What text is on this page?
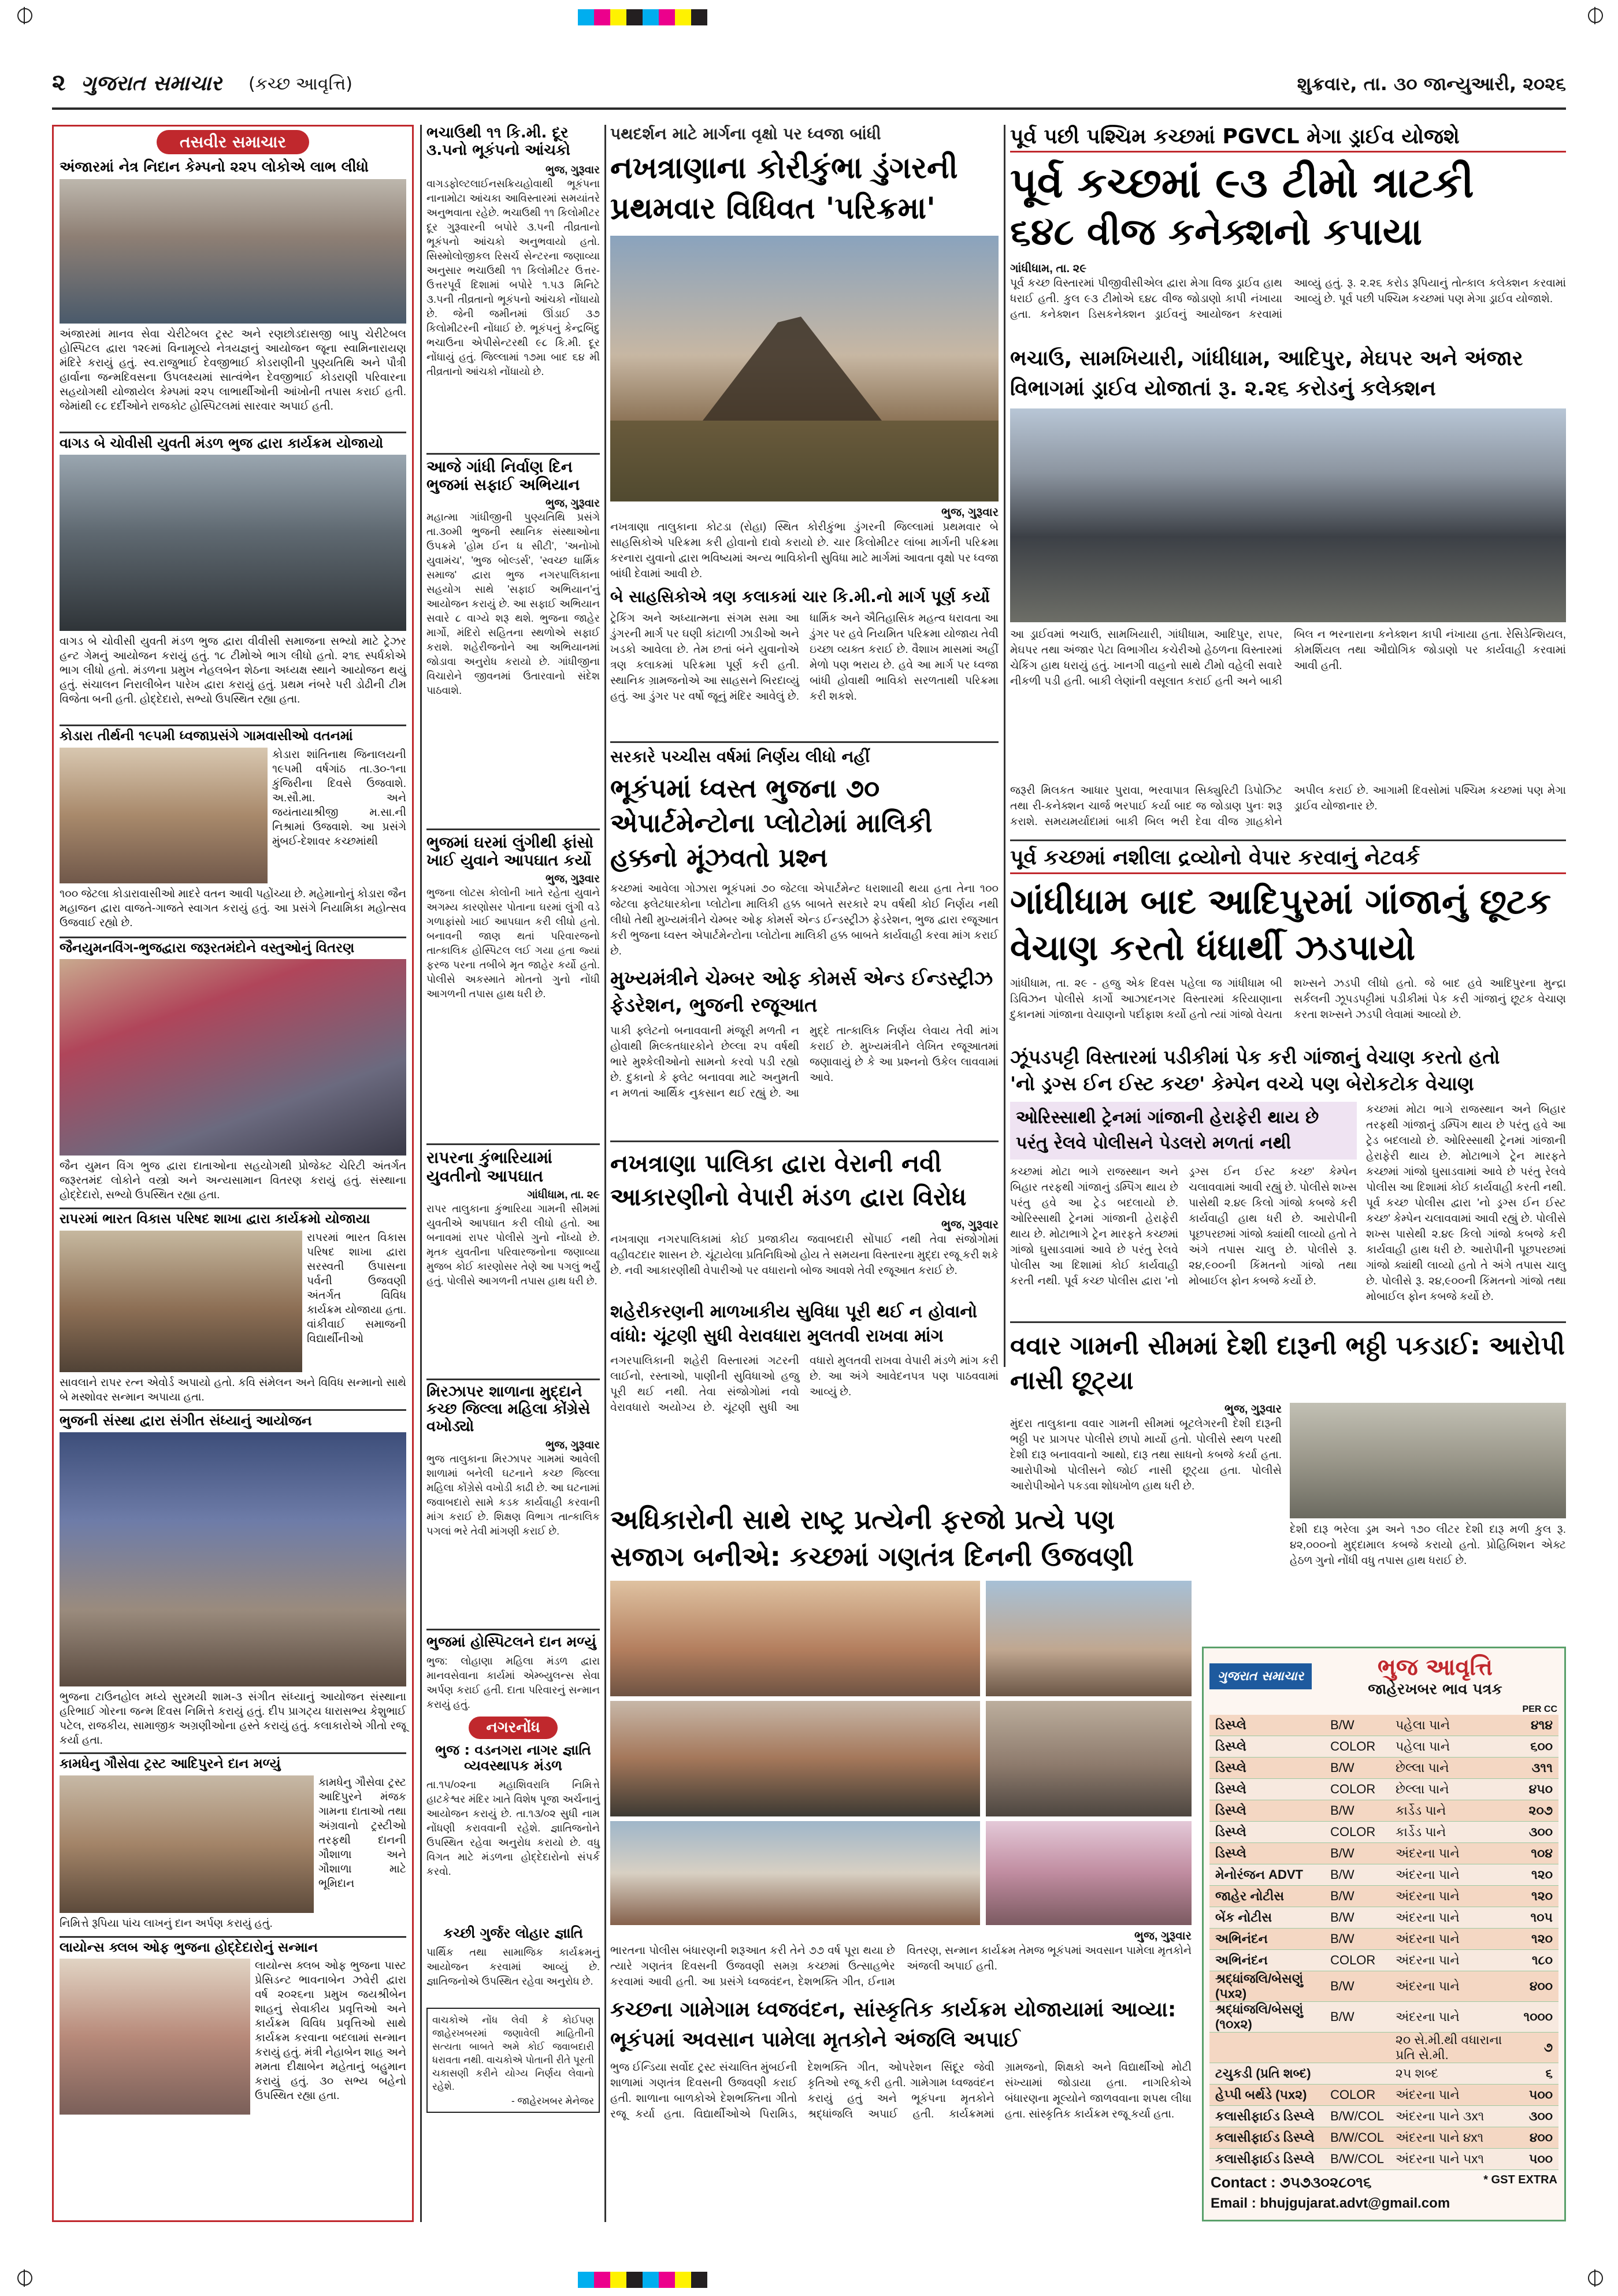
૨ ગુજરાત સમાચાર (કચ્છ આવૃત્તિ)	શુક્રવાર, તા. ૩૦ જાન્યુઆરી, ૨૦૨૬
તસવીર સમાચાર
અંજારમાં નેત્ર નિદાન કેમ્પનો ૨૨૫ લોકોએ લાભ લીધો
અંજારમાં માનવ સેવા ચેરીટેબલ ટ્રસ્ટ અને રણછોડદાસજી બાપુ ચેરીટેબલ હોસ્પિટલ દ્વારા ૧૨૯માં વિનામૂલ્યે નેત્રયજ્ઞનું આયોજન જૂના સ્વામિનારાયણ મંદિરે કરાયું હતું. સ્વ.રાજુભાઈ દેવજીભાઈ કોડરાણીની પુણ્યતિથિ અને પૌત્રી હાર્વાના જન્મદિવસના ઉપલક્ષ્યમાં સાત્વંભેન દેવજીભાઈ કોડરાણી પરિવારના સહયોગથી યોજાયેલ કેમ્પમાં ૨૨૫ લાભાર્થીઓની આંખોની તપાસ કરાઈ હતી. જેમાંથી ૯૮ દર્દીઓને રાજકોટ હોસ્પિટલમાં સારવાર અપાઈ હતી.
વાગડ બે ચોવીસી યુવતી મંડળ ભુજ દ્વારા કાર્યક્રમ યોજાયો
વાગડ બે ચોવીસી યુવતી મંડળ ભુજ દ્વારા વીવીસી સમાજના સભ્યો માટે ટ્રેઝર હન્ટ ગેમનું આયોજન કરાયું હતું. ૧૮ ટીમોએ ભાગ લીધો હતો. ૨૧૬ સ્પર્ધકોએ ભાગ લીધો હતો. મંડળના પ્રમુખ નેહલબેન શેઠના અધ્યક્ષ સ્થાને આયોજન થયું હતું. સંચાલન નિરાલીબેન પારેખ દ્વારા કરાયું હતું. પ્રથમ નંબરે પરી ડોઢીની ટીમ વિજેતા બની હતી. હોદ્દેદારો, સભ્યો ઉપસ્થિત રહ્યા હતા.
કોડારા તીર્થની ૧૯૫મી ધ્વજાપ્રસંગે ગામવાસીઓ વતનમાં
કોડારા શાંતિનાથ જિનાલયની ૧૯૫મી વર્ષગાંઠ તા.૩૦-૧ના કુંજિરીના દિવસે ઉજવાશે. અ.સૌ.મા. અને જયંતાયાશ્રીજી મ.સા.ની નિશ્રામાં ઉજવાશે. આ પ્રસંગે મુંબઈ-દેશાવર કચ્છમાંથી
૧૦૦ જેટલા કોડારાવાસીઓ માદરે વતન આવી પહોંચ્યા છે. મહેમાનોનું કોડારા જૈન મહાજન દ્વારા વાજતે-ગાજતે સ્વાગત કરાયું હતું. આ પ્રસંગે નિયામિકા મહોત્સવ ઉજવાઈ રહ્યો છે.
જૈનયુમનવિંગ-ભુજદ્વારા જરૂરતમંદોને વસ્તુઓનું વિતરણ
જૈન યુમન વિંગ ભુજ દ્વારા દાતાઓના સહયોગથી પ્રોજેક્ટ ચેરિટી અંતર્ગત જરૂરતમંદ લોકોને વસ્ત્રો અને અન્યસામાન વિતરણ કરાયું હતું. સંસ્થાના હોદ્દેદારો, સભ્યો ઉપસ્થિત રહ્યા હતા.
રાપરમાં ભારત વિકાસ પરિષદ શાખા દ્વારા કાર્યક્રમો યોજાયા
રાપરમાં ભારત વિકાસ પરિષદ શાખા દ્વારા સરસ્વતી ઉપાસના પર્વની ઉજવણી અંતર્ગત વિવિધ કાર્યક્રમ યોજાયા હતા. વાંકીવાઈ સમાજની વિદ્યાર્થીનીઓ
સાવલાને રાપર રત્ન એવોર્ડ અપાયો હતો. કવિ સંમેલન અને વિવિધ સન્માનો સાથે બે મસ્શોવર સન્માન અપાયા હતા.
ભુજની સંસ્થા દ્વારા સંગીત સંધ્યાનું આયોજન
ભુજના ટાઉનહોલ મધ્યે સુરમયી શામ-૩ સંગીત સંધ્યાનું આયોજન સંસ્થાના હરિભાઈ ગોરના જન્મ દિવસ નિમિત્તે કરાયું હતું. દીપ પ્રાગટ્ય ધારાસભ્ય કેશુભાઈ પટેલ, રાજકીય, સામાજીક અગ્રણીઓના હસ્તે કરાયું હતું. કલાકારોએ ગીતો રજૂ કર્યા હતા.
કામધેનુ ગૌસેવા ટ્રસ્ટ આદિપુરને દાન મળ્યું
કામધેનુ ગૌસેવા ટ્રસ્ટ આદિપુરને મંજક ગામના દાતાઓ તથા અંગ્રવાનો ટ્રસ્ટીઓ તરફથી દાનની ગૌશાળા અને ગૌશાળા માટે ભૂમિદાન
નિમિત્તે રૂપિયા પાંચ લાખનું દાન અર્પણ કરાયું હતું.
લાયોન્સ ક્લબ ઓફ ભુજના હોદ્દેદારોનું સન્માન
લાયોન્સ ક્લબ ઓફ ભુજના પાસ્ટ પ્રેસિડન્ટ ભાવનાબેન ઝવેરી દ્વારા વર્ષ ૨૦૨૬ના પ્રમુખ જયશ્રીબેન શાહનું સેવાકીય પ્રવૃત્તિઓ અને કાર્યક્રમ વિવિધ પ્રવૃત્તિઓ સાથે કાર્યક્રમ કરવાના બદલામાં સન્માન કરાયું હતું. મંત્રી નેહાબેન શાહ અને મમતા દીક્ષાબેન મહેતાનું બહુમાન કરાયું હતું. ૩૦ સભ્ય બહેનો ઉપસ્થિત રહ્યા હતા.
ભચાઉથી ૧૧ કિ.મી. દૂર ૩.૫નો ભૂકંપનો આંચકો
ભુજ, ગુરૂવાર
વાગડફોલ્ટલાઈનસક્રિયહોવાથી ભૂકંપના નાનામોટા આંચકા આવિસ્તારમાં સમયાંતરે અનુભવાતા રહેછે. ભચાઉથી ૧૧ કિલોમીટર દૂર ગુરૂવારની બપોરે ૩.૫ની તીવ્રતાનો ભૂકંપનો આંચકો અનુભવાયો હતો. સિસ્મોલોજીકલ રિસર્ચ સેન્ટરના જણાવ્યા અનુસાર ભચાઉથી ૧૧ કિલોમીટર ઉત્તર-ઉત્તરપૂર્વ દિશામાં બપોરે ૧.૫૩ મિનિટે ૩.૫ની તીવ્રતાનો ભૂકંપનો આંચકો નોંધાયો છે. જેની જમીનમાં ઊંડાઈ ૩૭ કિલોમીટરની નોંધાઈ છે. ભૂકંપનું કેન્દ્રબિંદુ ભચાઉના એપીસેન્ટરથી ૯૮ કિ.મી. દૂર નોંધાયું હતું. જિલ્લામાં ૧૭મા બાદ ૬૪ મી તીવ્રતાનો આંચકો નોંધાયો છે.
આજે ગાંધી નિર્વાણ દિન ભુજમાં સફાઈ અભિયાન
ભુજ, ગુરૂવાર
મહાત્મા ગાંધીજીની પુણ્યતિથિ પ્રસંગે તા.૩૦મી ભુજની સ્થાનિક સંસ્થાઓના ઉપક્રમે 'હોમ ઈન ધ સીટી', 'અનોખો યુવામંચ', 'ભુજ બોલ્ડર્સ', 'સ્વચ્છ ધાર્મિક સમાજ' દ્વારા ભુજ નગરપાલિકાના સહયોગ સાથે 'સફાઈ અભિયાન'નું આયોજન કરાયું છે. આ સફાઈ અભિયાન સવારે ૮ વાગ્યે શરૂ થશે. ભુજના જાહેર માર્ગો, મંદિરો સહિતના સ્થળોએ સફાઈ કરાશે. શહેરીજનોને આ અભિયાનમાં જોડાવા અનુરોધ કરાયો છે. ગાંધીજીના વિચારોને જીવનમાં ઉતારવાનો સંદેશ પાઠવાશે.
ભુજમાં ઘરમાં લુંગીથી ફાંસો ખાઈ યુવાને આપઘાત કર્યો
ભુજ, ગુરૂવાર
ભુજના લોટસ કોલોની ખાતે રહેતા યુવાને અગમ્ય કારણોસર પોતાના ઘરમાં લુંગી વડે ગળાફાંસો ખાઈ આપઘાત કરી લીધો હતો. બનાવની જાણ થતાં પરિવારજનો તાત્કાલિક હોસ્પિટલ લઈ ગયા હતા જ્યાં ફરજ પરના તબીબે મૃત જાહેર કર્યો હતો. પોલીસે અકસ્માતે મોતનો ગુનો નોંધી આગળની તપાસ હાથ ધરી છે.
રાપરના કુંભારિયામાં યુવતીનો આપઘાત
ગાંધીધામ, તા. ૨૯
રાપર તાલુકાના કુંભારિયા ગામની સીમમાં યુવતીએ આપઘાત કરી લીધો હતો. આ બનાવમાં રાપર પોલીસે ગુનો નોંધ્યો છે. મૃતક યુવતીના પરિવારજનોના જણાવ્યા મુજબ કોઈ કારણોસર તેણે આ પગલું ભર્યું હતું. પોલીસે આગળની તપાસ હાથ ધરી છે.
મિરઝાપર શાળાના મુદ્દાને કચ્છ જિલ્લા મહિલા કોંગ્રેસે વખોડ્યો
ભુજ, ગુરૂવાર
ભુજ તાલુકાના મિરઝાપર ગામમાં આવેલી શાળામાં બનેલી ઘટનાને કચ્છ જિલ્લા મહિલા કોંગ્રેસે વખોડી કાઢી છે. આ ઘટનામાં જવાબદારો સામે કડક કાર્યવાહી કરવાની માંગ કરાઈ છે. શિક્ષણ વિભાગ તાત્કાલિક પગલાં ભરે તેવી માંગણી કરાઈ છે.
ભુજમાં હોસ્પિટલને દાન મળ્યું
ભુજ: લોહાણા મહિલા મંડળ દ્વારા માનવસેવાના કાર્યમાં એમ્બ્યુલન્સ સેવા અર્પણ કરાઈ હતી. દાતા પરિવારનું સન્માન કરાયું હતું.
નગરનોંધ
ભુજ : વડનગરા નાગર જ્ઞાતિ વ્યવસ્થાપક મંડળ
તા.૧૫/૦૨ના મહાશિવરાત્રિ નિમિત્તે હાટકેશ્વર મંદિર ખાતે વિશેષ પૂજા અર્ચનાનું આયોજન કરાયું છે. તા.૧૩/૦૨ સુધી નામ નોંધણી કરાવવાની રહેશે. જ્ઞાતિજનોને ઉપસ્થિત રહેવા અનુરોધ કરાયો છે. વધુ વિગત માટે મંડળના હોદ્દેદારોનો સંપર્ક કરવો.
કચ્છી ગુર્જર લોહાર જ્ઞાતિ
પાર્થિક તથા સામાજિક કાર્યક્રમનું આયોજન કરવામાં આવ્યું છે. જ્ઞાતિજનોએ ઉપસ્થિત રહેવા અનુરોધ છે.
વાચકોએ નોંધ લેવી કે કોઈપણ જાહેરખબરમાં જણાવેલી માહિતીની સત્યતા બાબતે અમે કોઈ જવાબદારી ધરાવતા નથી. વાચકોએ પોતાની રીતે પૂરતી ચકાસણી કરીને યોગ્ય નિર્ણય લેવાનો રહેશે.
- જાહેરખબર મેનેજર
પથદર્શન માટે માર્ગના વૃક્ષો પર ધ્વજા બાંધી
નખત્રાણાના કોરીકુંભા ડુંગરની પ્રથમવાર વિધિવત 'પરિક્રમા'
ભુજ, ગુરૂવાર
નખત્રાણા તાલુકાના કોટડા (રોહા) સ્થિત કોરીકુંભા ડુંગરની જિલ્લામાં પ્રથમવાર બે સાહસિકોએ પરિક્રમા કરી હોવાનો દાવો કરાયો છે. ચાર કિલોમીટર લાંબા માર્ગની પરિક્રમા કરનારા યુવાનો દ્વારા ભવિષ્યમાં અન્ય ભાવિકોની સુવિધા માટે માર્ગમાં આવતા વૃક્ષો પર ધ્વજા બાંધી દેવામાં આવી છે.
બે સાહસિકોએ ત્રણ કલાકમાં ચાર કિ.મી.નો માર્ગ પૂર્ણ કર્યો
ટ્રેકિંગ અને અધ્યાત્મના સંગમ સમા આ ડુંગરની માર્ગ પર ઘણી કાંટાળી ઝાડીઓ અને ખડકો આવેલા છે. તેમ છતાં બંને યુવાનોએ ત્રણ કલાકમાં પરિક્રમા પૂર્ણ કરી હતી. સ્થાનિક ગ્રામજનોએ આ સાહસને બિરદાવ્યું હતું. આ ડુંગર પર વર્ષો જૂનું મંદિર આવેલું છે. ધાર્મિક અને ઐતિહાસિક મહત્વ ધરાવતા આ ડુંગર પર હવે નિયમિત પરિક્રમા યોજાય તેવી ઇચ્છા વ્યક્ત કરાઈ છે. વૈશાખ માસમાં અહીં મેળો પણ ભરાય છે. હવે આ માર્ગ પર ધ્વજા બાંધી હોવાથી ભાવિકો સરળતાથી પરિક્રમા કરી શકશે.
સરકારે પચ્ચીસ વર્ષમાં નિર્ણય લીધો નહીં
ભૂકંપમાં ધ્વસ્ત ભુજના ૭૦ એપાર્ટમેન્ટોના પ્લોટોમાં માલિકી હક્કનો મૂંઝવતો પ્રશ્ન
કચ્છમાં આવેલા ગોઝારા ભૂકંપમાં ૭૦ જેટલા એપાર્ટમેન્ટ ધરાશાયી થયા હતા તેના ૧૦૦ જેટલા ફ્લેટધારકોના પ્લોટોના માલિકી હક્ક બાબતે સરકારે ૨૫ વર્ષથી કોઈ નિર્ણય નથી લીધો તેથી મુખ્યમંત્રીને ચેમ્બર ઓફ કોમર્સ એન્ડ ઈન્ડસ્ટ્રીઝ ફેડરેશન, ભુજ દ્વારા રજૂઆત કરી ભુજના ધ્વસ્ત એપાર્ટમેન્ટોના પ્લોટોના માલિકી હક્ક બાબતે કાર્યવાહી કરવા માંગ કરાઈ છે.
મુખ્યમંત્રીને ચેમ્બર ઓફ કોમર્સ એન્ડ ઈન્ડસ્ટ્રીઝ ફેડરેશન, ભુજની રજૂઆત
પાકી ફ્લેટનો બનાવવાની મંજૂરી મળતી ન હોવાથી મિલ્કતધારકોને છેલ્લા ૨૫ વર્ષથી ભારે મુશ્કેલીઓનો સામનો કરવો પડી રહ્યો છે. દુકાનો કે ફ્લેટ બનાવવા માટે અનુમતી ન મળતાં આર્થિક નુકસાન થઈ રહ્યું છે. આ મુદ્દે તાત્કાલિક નિર્ણય લેવાય તેવી માંગ કરાઈ છે. મુખ્યમંત્રીને લેખિત રજૂઆતમાં જણાવાયું છે કે આ પ્રશ્નનો ઉકેલ લાવવામાં આવે.
નખત્રાણા પાલિકા દ્વારા વેરાની નવી આકારણીનો વેપારી મંડળ દ્વારા વિરોધ
ભુજ, ગુરૂવાર
નખત્રાણા નગરપાલિકામાં કોઈ પ્રજાકીય જવાબદારી સોંપાઈ નથી તેવા સંજોગોમાં વહીવટદાર શાસન છે. ચૂંટાયેલા પ્રતિનિધિઓ હોય તે સમયના વિસ્તારના મુદ્દા રજૂ કરી શકે છે. નવી આકારણીથી વેપારીઓ પર વધારાનો બોજ આવશે તેવી રજૂઆત કરાઈ છે.
શહેરીકરણની માળખાકીય સુવિધા પૂરી થઈ ન હોવાનો વાંધો: ચૂંટણી સુધી વેરાવધારા મુલતવી રાખવા માંગ
નગરપાલિકાની શહેરી વિસ્તારમાં ગટરની લાઈનો, રસ્તાઓ, પાણીની સુવિધાઓ હજુ પૂરી થઈ નથી. તેવા સંજોગોમાં નવો વેરાવધારો અયોગ્ય છે. ચૂંટણી સુધી આ વધારો મુલતવી રાખવા વેપારી મંડળે માંગ કરી છે. આ અંગે આવેદનપત્ર પણ પાઠવવામાં આવ્યું છે.
પૂર્વ પછી પશ્ચિમ કચ્છમાં PGVCL મેગા ડ્રાઈવ યોજશે
પૂર્વ કચ્છમાં ૯૩ ટીમો ત્રાટકી
૬૪૮ વીજ કનેક્શનો કપાયા
ગાંધીધામ, તા. ૨૯
પૂર્વ કચ્છ વિસ્તારમાં પીજીવીસીએલ દ્વારા મેગા વિજ ડ્રાઈવ હાથ ધરાઈ હતી. કુલ ૯૩ ટીમોએ ૬૪૮ વીજ જોડાણો કાપી નંખાયા હતા. કનેક્શન ડિસકનેક્શન ડ્રાઈવનું આયોજન કરવામાં આવ્યું હતું. રૂ. ૨.૨૬ કરોડ રૂપિયાનું તોત્કાલ કલેક્શન કરવામાં આવ્યું છે. પૂર્વ પછી પશ્ચિમ કચ્છમાં પણ મેગા ડ્રાઈવ યોજાશે.
ભચાઉ, સામખિયારી, ગાંધીધામ, આદિપુર, મેઘપર અને અંજાર વિભાગમાં ડ્રાઈવ યોજાતાં રૂ. ૨.૨૬ કરોડનું કલેક્શન
આ ડ્રાઈવમાં ભચાઉ, સામખિયારી, ગાંધીધામ, આદિપુર, રાપર, મેઘપર તથા અંજાર પેટા વિભાગીય કચેરીઓ હેઠળના વિસ્તારમાં ચેકિંગ હાથ ધરાયું હતું. ખાનગી વાહનો સાથે ટીમો વહેલી સવારે નીકળી પડી હતી. બાકી લેણાંની વસૂલાત કરાઈ હતી અને બાકી બિલ ન ભરનારાના કનેક્શન કાપી નંખાયા હતા. રેસિડેન્શિયલ, કોમર્શિયલ તથા ઔદ્યોગિક જોડાણો પર કાર્યવાહી કરવામાં આવી હતી.
જરૂરી મિલકત આધાર પુરાવા, ભરવાપાત્ર સિક્યુરિટી ડિપોઝિટ તથા રી-કનેક્શન ચાર્જ ભરપાઈ કર્યા બાદ જ જોડાણ પુનઃ શરૂ કરાશે. સમયમર્યાદામાં બાકી બિલ ભરી દેવા વીજ ગ્રાહકોને અપીલ કરાઈ છે. આગામી દિવસોમાં પશ્ચિમ કચ્છમાં પણ મેગા ડ્રાઈવ યોજાનાર છે.
પૂર્વ કચ્છમાં નશીલા દ્રવ્યોનો વેપાર કરવાનું નેટવર્ક
ગાંધીધામ બાદ આદિપુરમાં ગાંજાનું છૂટક વેચાણ કરતો ધંધાર્થી ઝડપાયો
ગાંધીધામ, તા. ૨૯ - હજુ એક દિવસ પહેલા જ ગાંધીધામ બી ડિવિઝન પોલીસે કાર્ગો આઝાદનગર વિસ્તારમાં કરિયાણાના દુકાનમાં ગાંજાના વેચાણનો પર્દાફાશ કર્યો હતો ત્યાં ગાંજો વેચતા શખ્સને ઝડપી લીધો હતો. જે બાદ હવે આદિપુરના મુન્દ્રા સર્કલની ઝૂપડપટ્ટીમાં પડીકીમાં પેક કરી ગાંજાનું છૂટક વેચાણ કરતા શખ્સને ઝડપી લેવામાં આવ્યો છે.
ઝૂંપડપટ્ટી વિસ્તારમાં પડીકીમાં પેક કરી ગાંજાનું વેચાણ કરતો હતો
'નો ડ્રગ્સ ઈન ઈસ્ટ કચ્છ' કેમ્પેન વચ્ચે પણ બેરોકટોક વેચાણ
ઓરિસ્સાથી ટ્રેનમાં ગાંજાની હેરાફેરી થાય છે પરંતુ રેલવે પોલીસને પેડલરો મળતાં નથી
કચ્છમાં મોટા ભાગે રાજસ્થાન અને બિહાર તરફથી ગાંજાનું ડમ્પિંગ થાય છે પરંતુ હવે આ ટ્રેડ બદલાયો છે. ઓરિસ્સાથી ટ્રેનમાં ગાંજાની હેરાફેરી થાય છે. મોટાભાગે ટ્રેન મારફતે કચ્છમાં ગાંજો ઘુસાડવામાં આવે છે પરંતુ રેલવે પોલીસ આ દિશામાં કોઈ કાર્યવાહી કરતી નથી. પૂર્વ કચ્છ પોલીસ દ્વારા 'નો ડ્રગ્સ ઈન ઈસ્ટ કચ્છ' કેમ્પેન ચલાવવામાં આવી રહ્યું છે. પોલીસે શખ્સ પાસેથી ૨.૪૯ કિલો ગાંજો કબજે કરી કાર્યવાહી હાથ ધરી છે. આરોપીની પૂછપરછમાં ગાંજો ક્યાંથી લાવ્યો હતો તે અંગે તપાસ ચાલુ છે. પોલીસે રૂ. ૨૪,૯૦૦ની કિંમતનો ગાંજો તથા મોબાઈલ ફોન કબજે કર્યો છે.
કચ્છમાં મોટા ભાગે રાજસ્થાન અને બિહાર તરફથી ગાંજાનું ડમ્પિંગ થાય છે પરંતુ હવે આ ટ્રેડ બદલાયો છે. ઓરિસ્સાથી ટ્રેનમાં ગાંજાની હેરાફેરી થાય છે. મોટાભાગે ટ્રેન મારફતે કચ્છમાં ગાંજો ઘુસાડવામાં આવે છે પરંતુ રેલવે પોલીસ આ દિશામાં કોઈ કાર્યવાહી કરતી નથી. પૂર્વ કચ્છ પોલીસ દ્વારા 'નો ડ્રગ્સ ઈન ઈસ્ટ કચ્છ' કેમ્પેન ચલાવવામાં આવી રહ્યું છે. પોલીસે શખ્સ પાસેથી ૨.૪૯ કિલો ગાંજો કબજે કરી કાર્યવાહી હાથ ધરી છે. આરોપીની પૂછપરછમાં ગાંજો ક્યાંથી લાવ્યો હતો તે અંગે તપાસ ચાલુ છે. પોલીસે રૂ. ૨૪,૯૦૦ની કિંમતનો ગાંજો તથા મોબાઈલ ફોન કબજે કર્યો છે.
વવાર ગામની સીમમાં દેશી દારૂની ભઠ્ઠી પકડાઈ: આરોપી નાસી છૂટ્યા
ભુજ, ગુરૂવાર
મુંદરા તાલુકાના વવાર ગામની સીમમાં બૂટલેગરની દેશી દારૂની ભઠ્ઠી પર પ્રાગપર પોલીસે છાપો માર્યો હતો. પોલીસે સ્થળ પરથી દેશી દારૂ બનાવવાનો આથો, દારૂ તથા સાધનો કબજે કર્યા હતા. આરોપીઓ પોલીસને જોઈ નાસી છૂટ્યા હતા. પોલીસે આરોપીઓને પકડવા શોધખોળ હાથ ધરી છે.
દેશી દારૂ ભરેલા ડ્રમ અને ૧૭૦ લીટર દેશી દારૂ મળી કુલ રૂ. ૪૨,૦૦૦નો મુદ્દામાલ કબજે કરાયો હતો. પ્રોહિબિશન એક્ટ હેઠળ ગુનો નોંધી વધુ તપાસ હાથ ધરાઈ છે.
અધિકારોની સાથે રાષ્ટ્ર પ્રત્યેની ફરજો પ્રત્યે પણ સજાગ બનીએ: કચ્છમાં ગણતંત્ર દિનની ઉજવણી
ભુજ, ગુરૂવાર
ભારતના પોલીસ બંધારણની શરૂઆત કરી તેને ૭૭ વર્ષ પૂરા થયા છે ત્યારે ગણતંત્ર દિવસની ઉજવણી સમગ્ર કચ્છમાં ઉત્સાહભેર કરવામાં આવી હતી. આ પ્રસંગે ધ્વજવંદન, દેશભક્તિ ગીત, ઈનામ વિતરણ, સન્માન કાર્યક્રમ તેમજ ભૂકંપમાં અવસાન પામેલા મૃતકોને અંજલી અપાઈ હતી.
કચ્છના ગામેગામ ધ્વજવંદન, સાંસ્કૃતિક કાર્યક્રમ યોજાયામાં આવ્યા: ભૂકંપમાં અવસાન પામેલા મૃતકોને અંજલિ અપાઈ
ભુજ ઈન્ડિયા સર્વોદ ટ્રસ્ટ સંચાલિત મુંબઈની શાળામાં ગણતંત્ર દિવસની ઉજવણી કરાઈ હતી. શાળાના બાળકોએ દેશભક્તિના ગીતો રજૂ કર્યા હતા. વિદ્યાર્થીઓએ પિરામિડ, દેશભક્તિ ગીત, ઓપરેશન સિંદૂર જેવી કૃતિઓ રજૂ કરી હતી. ગામેગામ ધ્વજવંદન કરાયું હતું અને ભૂકંપના મૃતકોને શ્રદ્ધાંજલિ અપાઈ હતી. કાર્યક્રમમાં ગ્રામજનો, શિક્ષકો અને વિદ્યાર્થીઓ મોટી સંખ્યામાં જોડાયા હતા. નાગરિકોએ બંધારણના મૂલ્યોને જાળવવાના શપથ લીધા હતા. સાંસ્કૃતિક કાર્યક્રમ રજૂ કર્યા હતા.
ગુજરાત સમાચાર	ભુજ આવૃત્તિ
જાહેરખબર ભાવ પત્રક
PER CC
ડિસ્પ્લે	B/W	પહેલા પાને	૪૧૪
ડિસ્પ્લે	COLOR	પહેલા પાને	૬૦૦
ડિસ્પ્લે	B/W	છેલ્લા પાને	૩૧૧
ડિસ્પ્લે	COLOR	છેલ્લા પાને	૪૫૦
ડિસ્પ્લે	B/W	કાર્ડેડ પાને	૨૦૭
ડિસ્પ્લે	COLOR	કાર્ડેડ પાને	૩૦૦
ડિસ્પ્લે	B/W	અંદરના પાને	૧૦૪
મેનોરંજન ADVT	B/W	અંદરના પાને	૧૨૦
જાહેર નોટીસ	B/W	અંદરના પાને	૧૨૦
બેંક નોટીસ	B/W	અંદરના પાને	૧૦૫
અભિનંદન	B/W	અંદરના પાને	૧૨૦
અભિનંદન	COLOR	અંદરના પાને	૧૮૦
શ્રદ્ધાંજલિ/બેસણું (૫x૨)	B/W	અંદરના પાને	૪૦૦
શ્રદ્ધાંજલિ/બેસણું (૧૦x૨)	B/W	અંદરના પાને	૧૦૦૦
		૨૦ સે.મી.થી વધારાના પ્રતિ સે.મી.	૭
ટચુકડી (પ્રતિ શબ્દ)		૨૫ શબ્દ	૬
હેપ્પી બર્થડે (૫x૨)	COLOR	અંદરના પાને	૫૦૦
કલાસીફાઈડ ડિસ્પ્લે	B/W/COL	અંદરના પાને ૩x૧	૩૦૦
કલાસીફાઈડ ડિસ્પ્લે	B/W/COL	અંદરના પાને ૪x૧	૪૦૦
કલાસીફાઈડ ડિસ્પ્લે	B/W/COL	અંદરના પાને ૫x૧	૫૦૦
Contact : ૭૫૭૩૦૨૮૦૧૬	* GST EXTRA
Email : bhujgujarat.advt@gmail.com
